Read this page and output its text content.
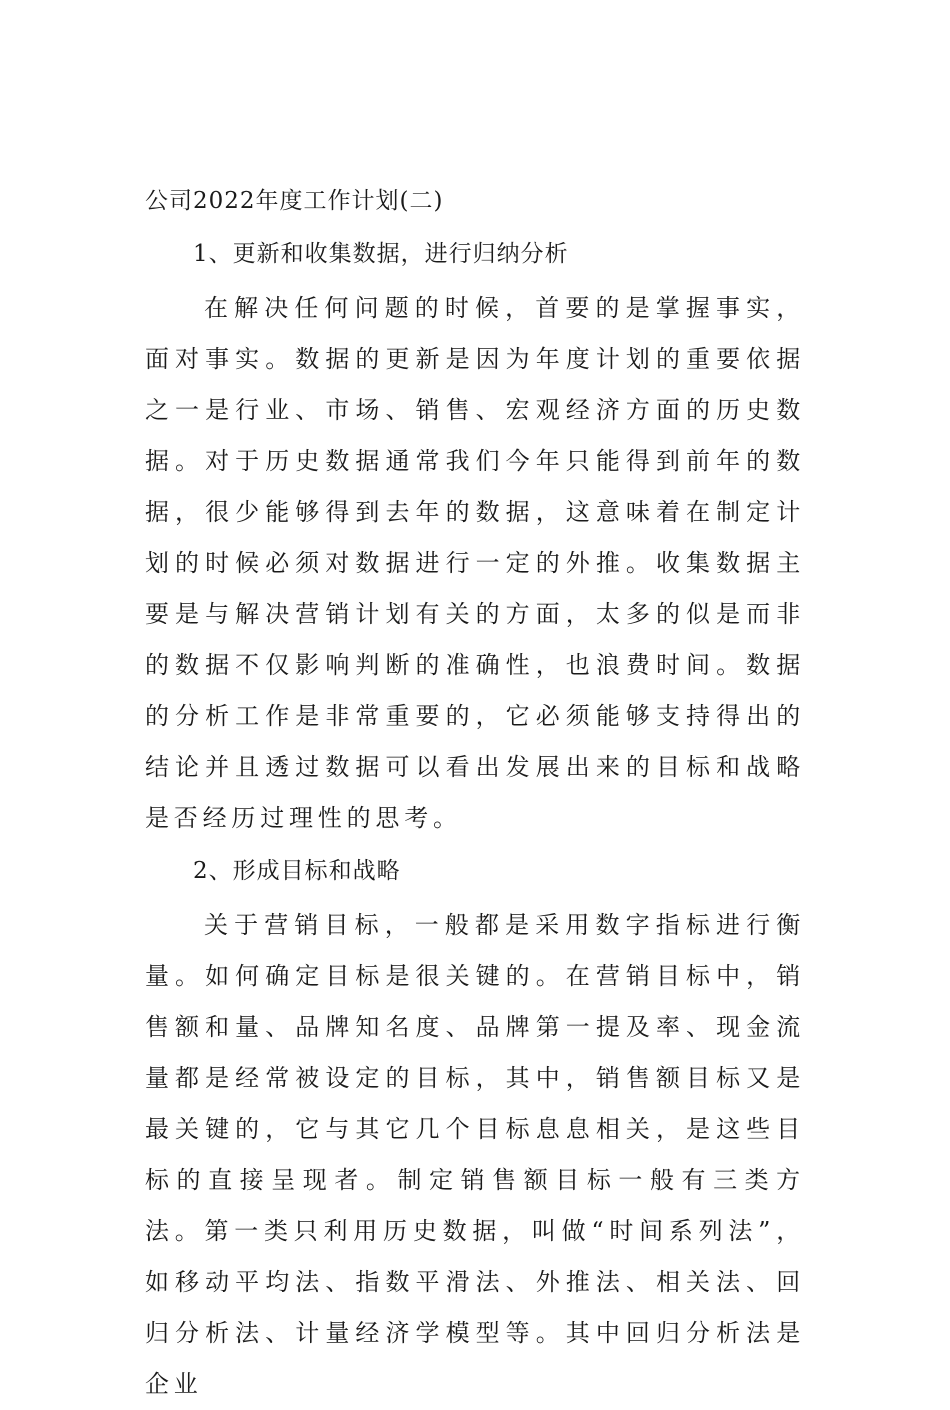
公司2022年度工作计划(二)
1、更新和收集数据，进行归纳分析

在解决任何问题的时候，首要的是掌握事实，面对事实。数据的更新是因为年度计划的重要依据之一是行业、市场、销售、宏观经济方面的历史数据。对于历史数据通常我们今年只能得到前年的数据，很少能够得到去年的数据，这意味着在制定计划的时候必须对数据进行一定的外推。收集数据主要是与解决营销计划有关的方面，太多的似是而非的数据不仅影响判断的准确性，也浪费时间。数据的分析工作是非常重要的，它必须能够支持得出的结论并且透过数据可以看出发展出来的目标和战略是否经历过理性的思考。

2、形成目标和战略

关于营销目标，一般都是采用数字指标进行衡量。如何确定目标是很关键的。在营销目标中，销售额和量、品牌知名度、品牌第一提及率、现金流量都是经常被设定的目标，其中，销售额目标又是最关键的，它与其它几个目标息息相关，是这些目标的直接呈现者。制定销售额目标一般有三类方法。第一类只利用历史数据，叫做“时间系列法”，如移动平均法、指数平滑法、外推法、相关法、回归分析法、计量经济学模型等。其中回归分析法是企业
